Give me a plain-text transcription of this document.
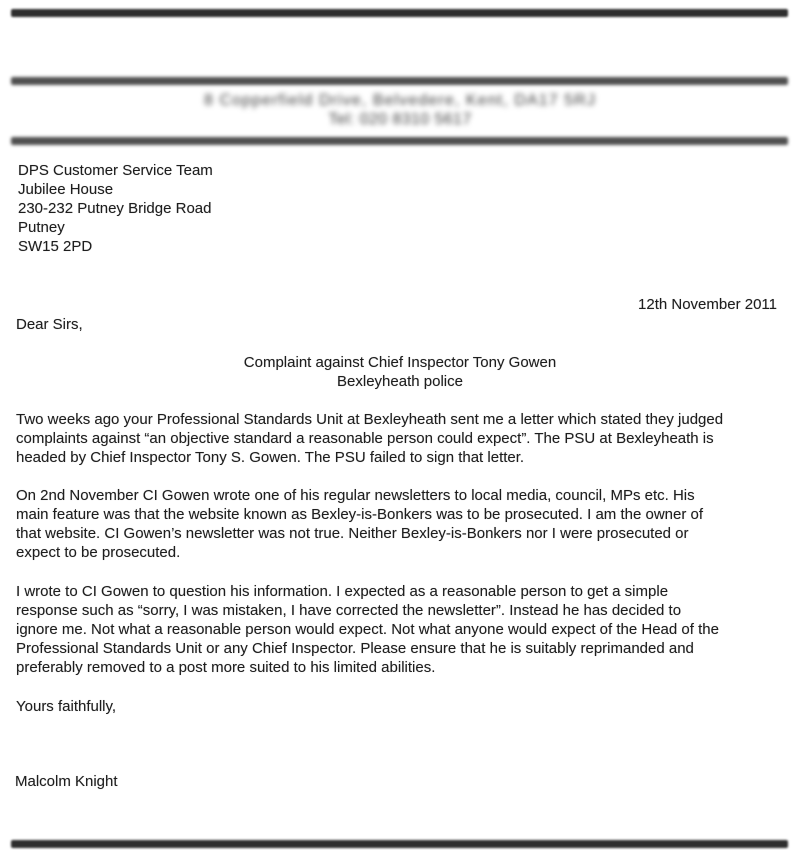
8 Copperfield Drive, Belvedere, Kent, DA17 5RJ
Tel: 020 8310 5617
DPS Customer Service Team
Jubilee House
230-232 Putney Bridge Road
Putney
SW15 2PD
12th November 2011
Dear Sirs,
Complaint against Chief Inspector Tony Gowen
Bexleyheath police
Two weeks ago your Professional Standards Unit at Bexleyheath sent me a letter which stated they judged
complaints against “an objective standard a reasonable person could expect”. The PSU at Bexleyheath is
headed by Chief Inspector Tony S. Gowen. The PSU failed to sign that letter.
On 2nd November CI Gowen wrote one of his regular newsletters to local media, council, MPs etc. His
main feature was that the website known as Bexley-is-Bonkers was to be prosecuted. I am the owner of
that website. CI Gowen’s newsletter was not true. Neither Bexley-is-Bonkers nor I were prosecuted or
expect to be prosecuted.
I wrote to CI Gowen to question his information. I expected as a reasonable person to get a simple
response such as “sorry, I was mistaken, I have corrected the newsletter”. Instead he has decided to
ignore me. Not what a reasonable person would expect. Not what anyone would expect of the Head of the
Professional Standards Unit or any Chief Inspector. Please ensure that he is suitably reprimanded and
preferably removed to a post more suited to his limited abilities.
Yours faithfully,
Malcolm Knight
